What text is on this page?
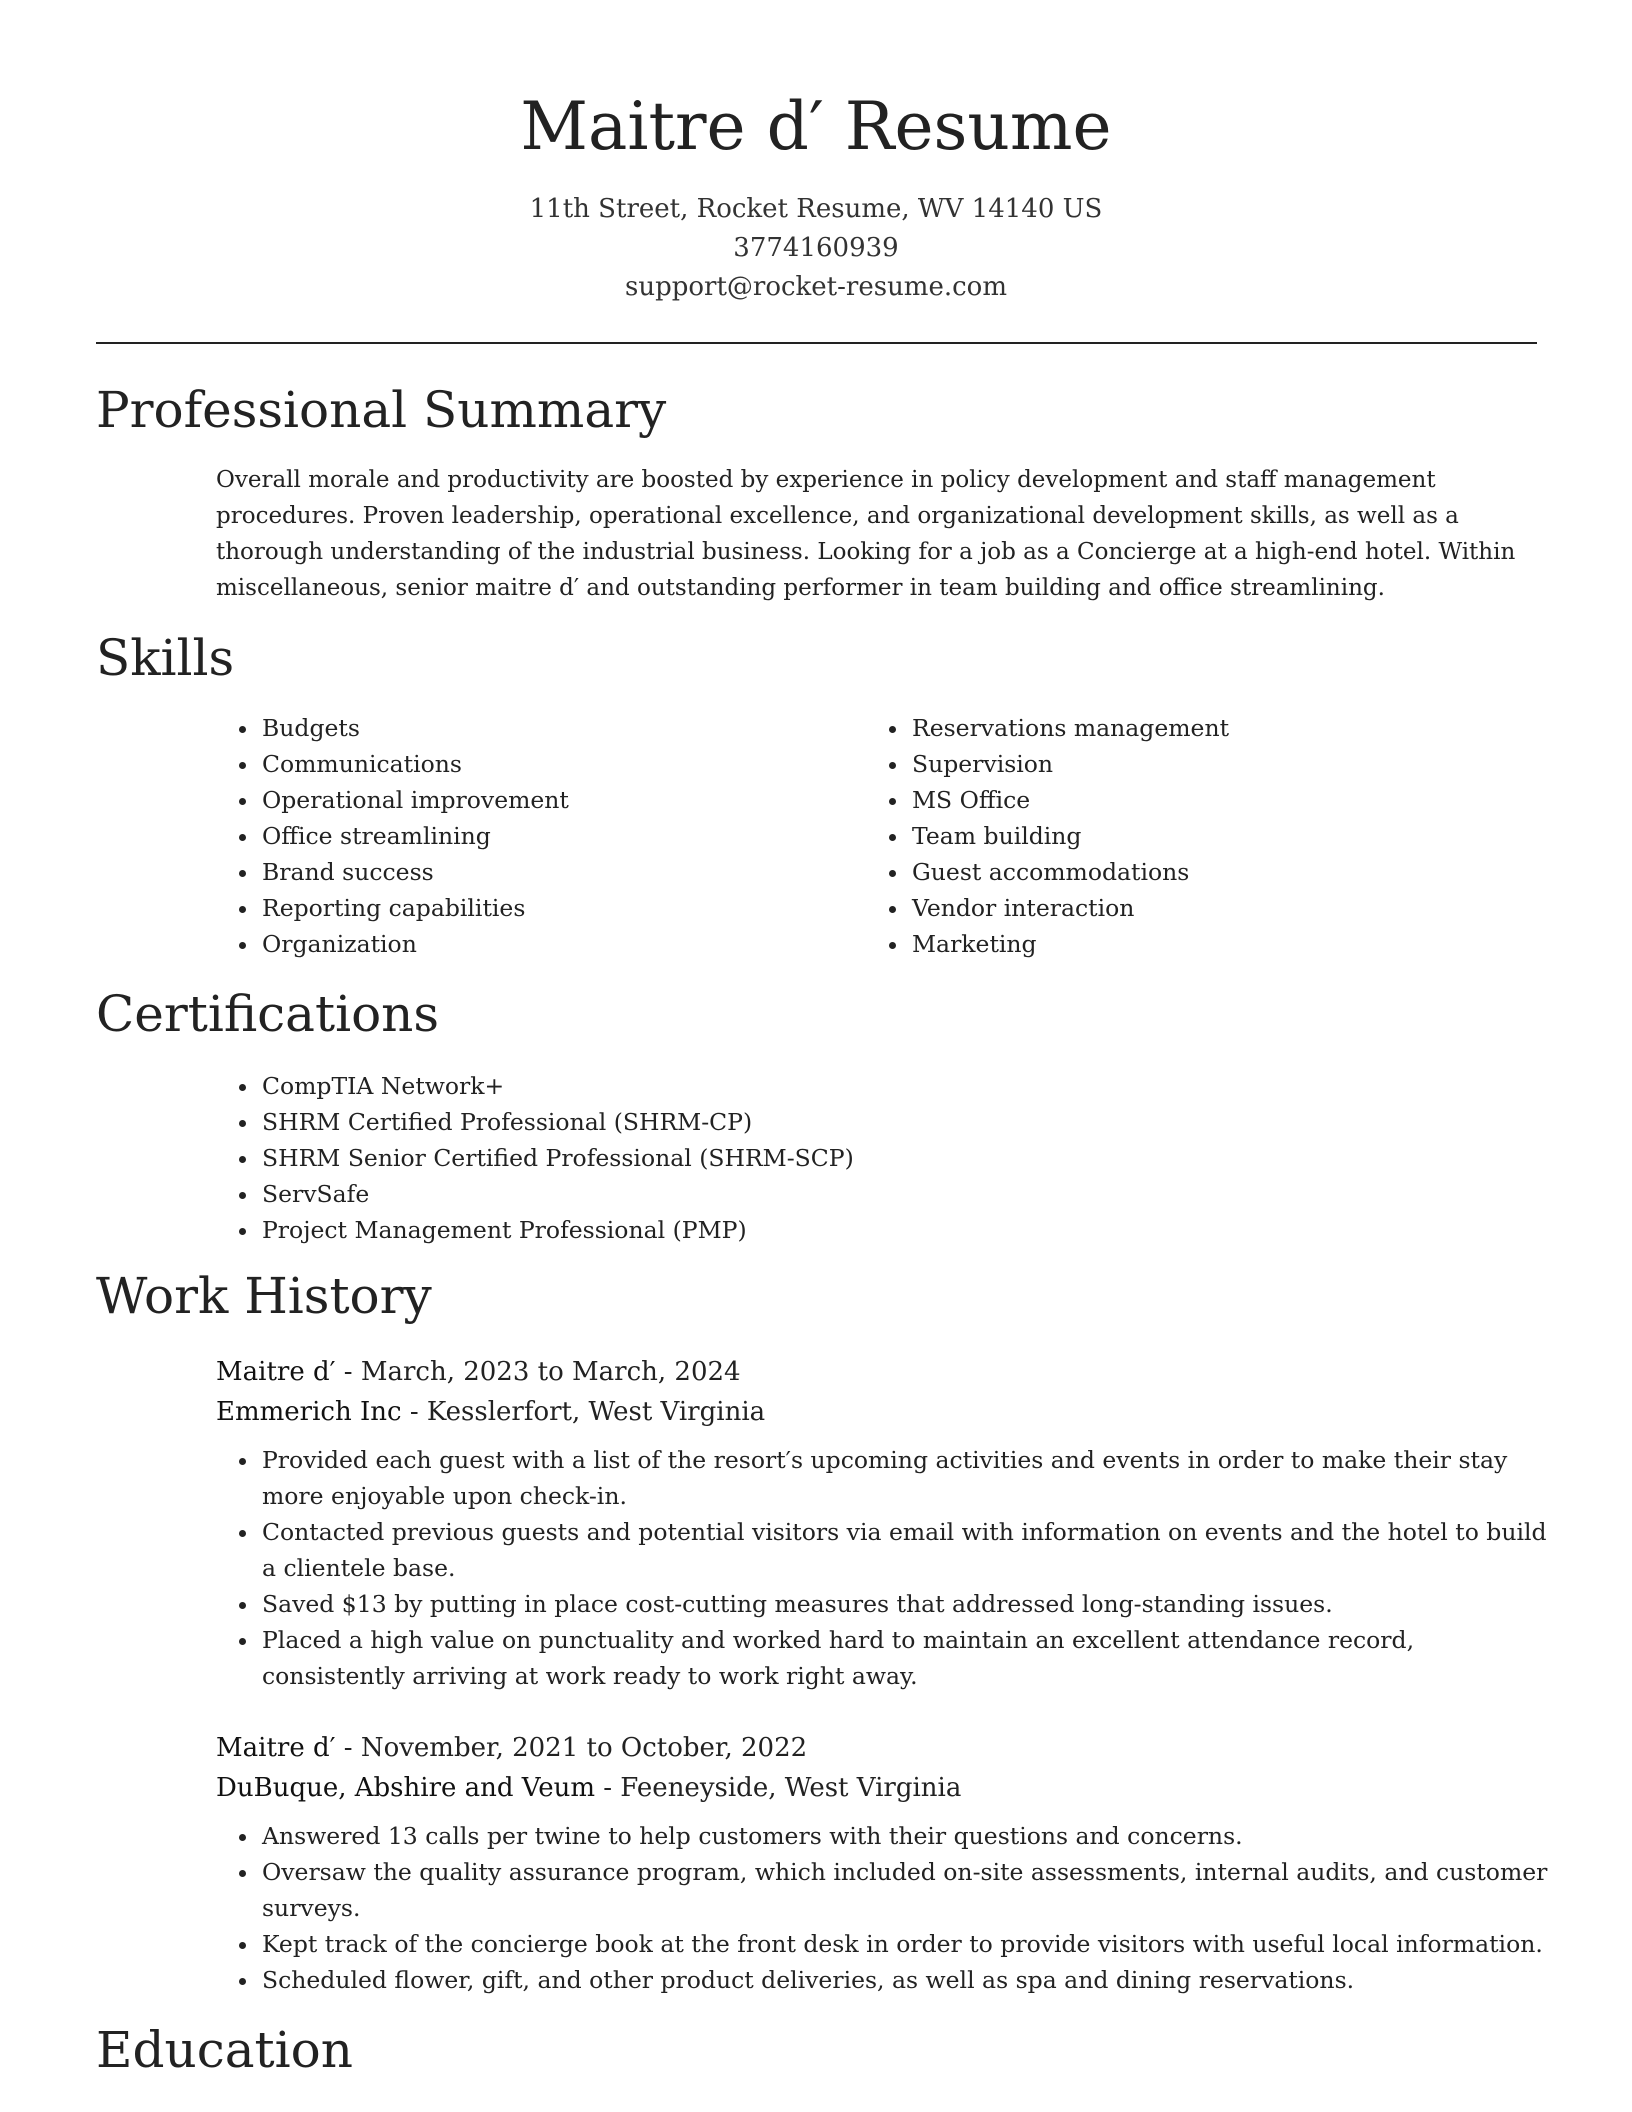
Maitre d′ Resume
11th Street, Rocket Resume, WV 14140 US
3774160939
support@rocket-resume.com
Professional Summary

Overall morale and productivity are boosted by experience in policy development and staff management procedures. Proven leadership, operational excellence, and organizational development skills, as well as a thorough understanding of the industrial business. Looking for a job as a Concierge at a high-end hotel. Within miscellaneous, senior maitre d′ and outstanding performer in team building and office streamlining.

Skills
• Budgets
• Communications
• Operational improvement
• Office streamlining
• Brand success
• Reporting capabilities
• Organization
• Reservations management
• Supervision
• MS Office
• Team building
• Guest accommodations
• Vendor interaction
• Marketing
Certifications
• CompTIA Network+
• SHRM Certified Professional (SHRM-CP)
• SHRM Senior Certified Professional (SHRM-SCP)
• ServSafe
• Project Management Professional (PMP)
Work History
Maitre d′ - March, 2023 to March, 2024
Emmerich Inc - Kesslerfort, West Virginia
• Provided each guest with a list of the resort′s upcoming activities and events in order to make their stay more enjoyable upon check-in.
• Contacted previous guests and potential visitors via email with information on events and the hotel to build a clientele base.
• Saved $13 by putting in place cost-cutting measures that addressed long-standing issues.
• Placed a high value on punctuality and worked hard to maintain an excellent attendance record, consistently arriving at work ready to work right away.
Maitre d′ - November, 2021 to October, 2022
DuBuque, Abshire and Veum - Feeneyside, West Virginia
• Answered 13 calls per twine to help customers with their questions and concerns.
• Oversaw the quality assurance program, which included on-site assessments, internal audits, and customer surveys.
• Kept track of the concierge book at the front desk in order to provide visitors with useful local information.
• Scheduled flower, gift, and other product deliveries, as well as spa and dining reservations.
Education
